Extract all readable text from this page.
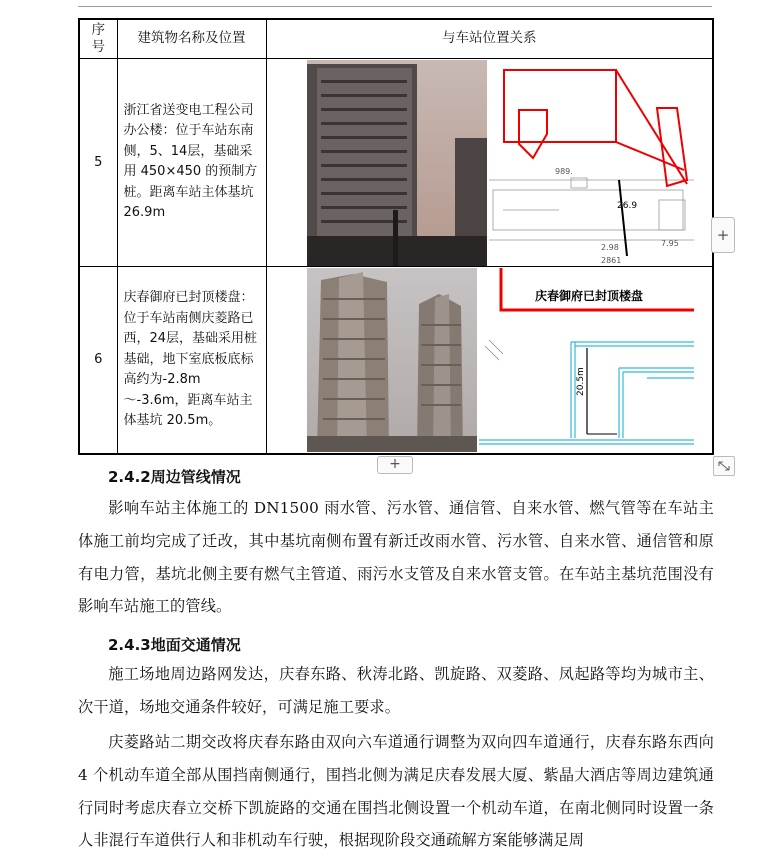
序号	建筑物名称及位置	与车站位置关系
5	浙江省送变电工程公司办公楼：位于车站东南侧，5、14层，基础采用 450×450 的预制方桩。距离车站主体基坑 26.9m	26.9
989.
2.98
2861
7.95

6	庆春御府已封顶楼盘：位于车站南侧庆菱路已西，24层，基础采用桩基础，地下室底板底标高约为-2.8m～-3.6m，距离车站主体基坑 20.5m。	庆春御府已封顶楼盘
20.5m
+
+
2.4.2周边管线情况
影响车站主体施工的 DN1500 雨水管、污水管、通信管、自来水管、燃气管等在车站主体施工前均完成了迁改，其中基坑南侧布置有新迁改雨水管、污水管、自来水管、通信管和原有电力管，基坑北侧主要有燃气主管道、雨污水支管及自来水管支管。在车站主基坑范围没有影响车站施工的管线。
2.4.3地面交通情况
施工场地周边路网发达，庆春东路、秋涛北路、凯旋路、双菱路、凤起路等均为城市主、次干道，场地交通条件较好，可满足施工要求。
庆菱路站二期交改将庆春东路由双向六车道通行调整为双向四车道通行，庆春东路东西向 4 个机动车道全部从围挡南侧通行，围挡北侧为满足庆春发展大厦、紫晶大酒店等周边建筑通行同时考虑庆春立交桥下凯旋路的交通在围挡北侧设置一个机动车道，在南北侧同时设置一条人非混行车道供行人和非机动车行驶，根据现阶段交通疏解方案能够满足周
